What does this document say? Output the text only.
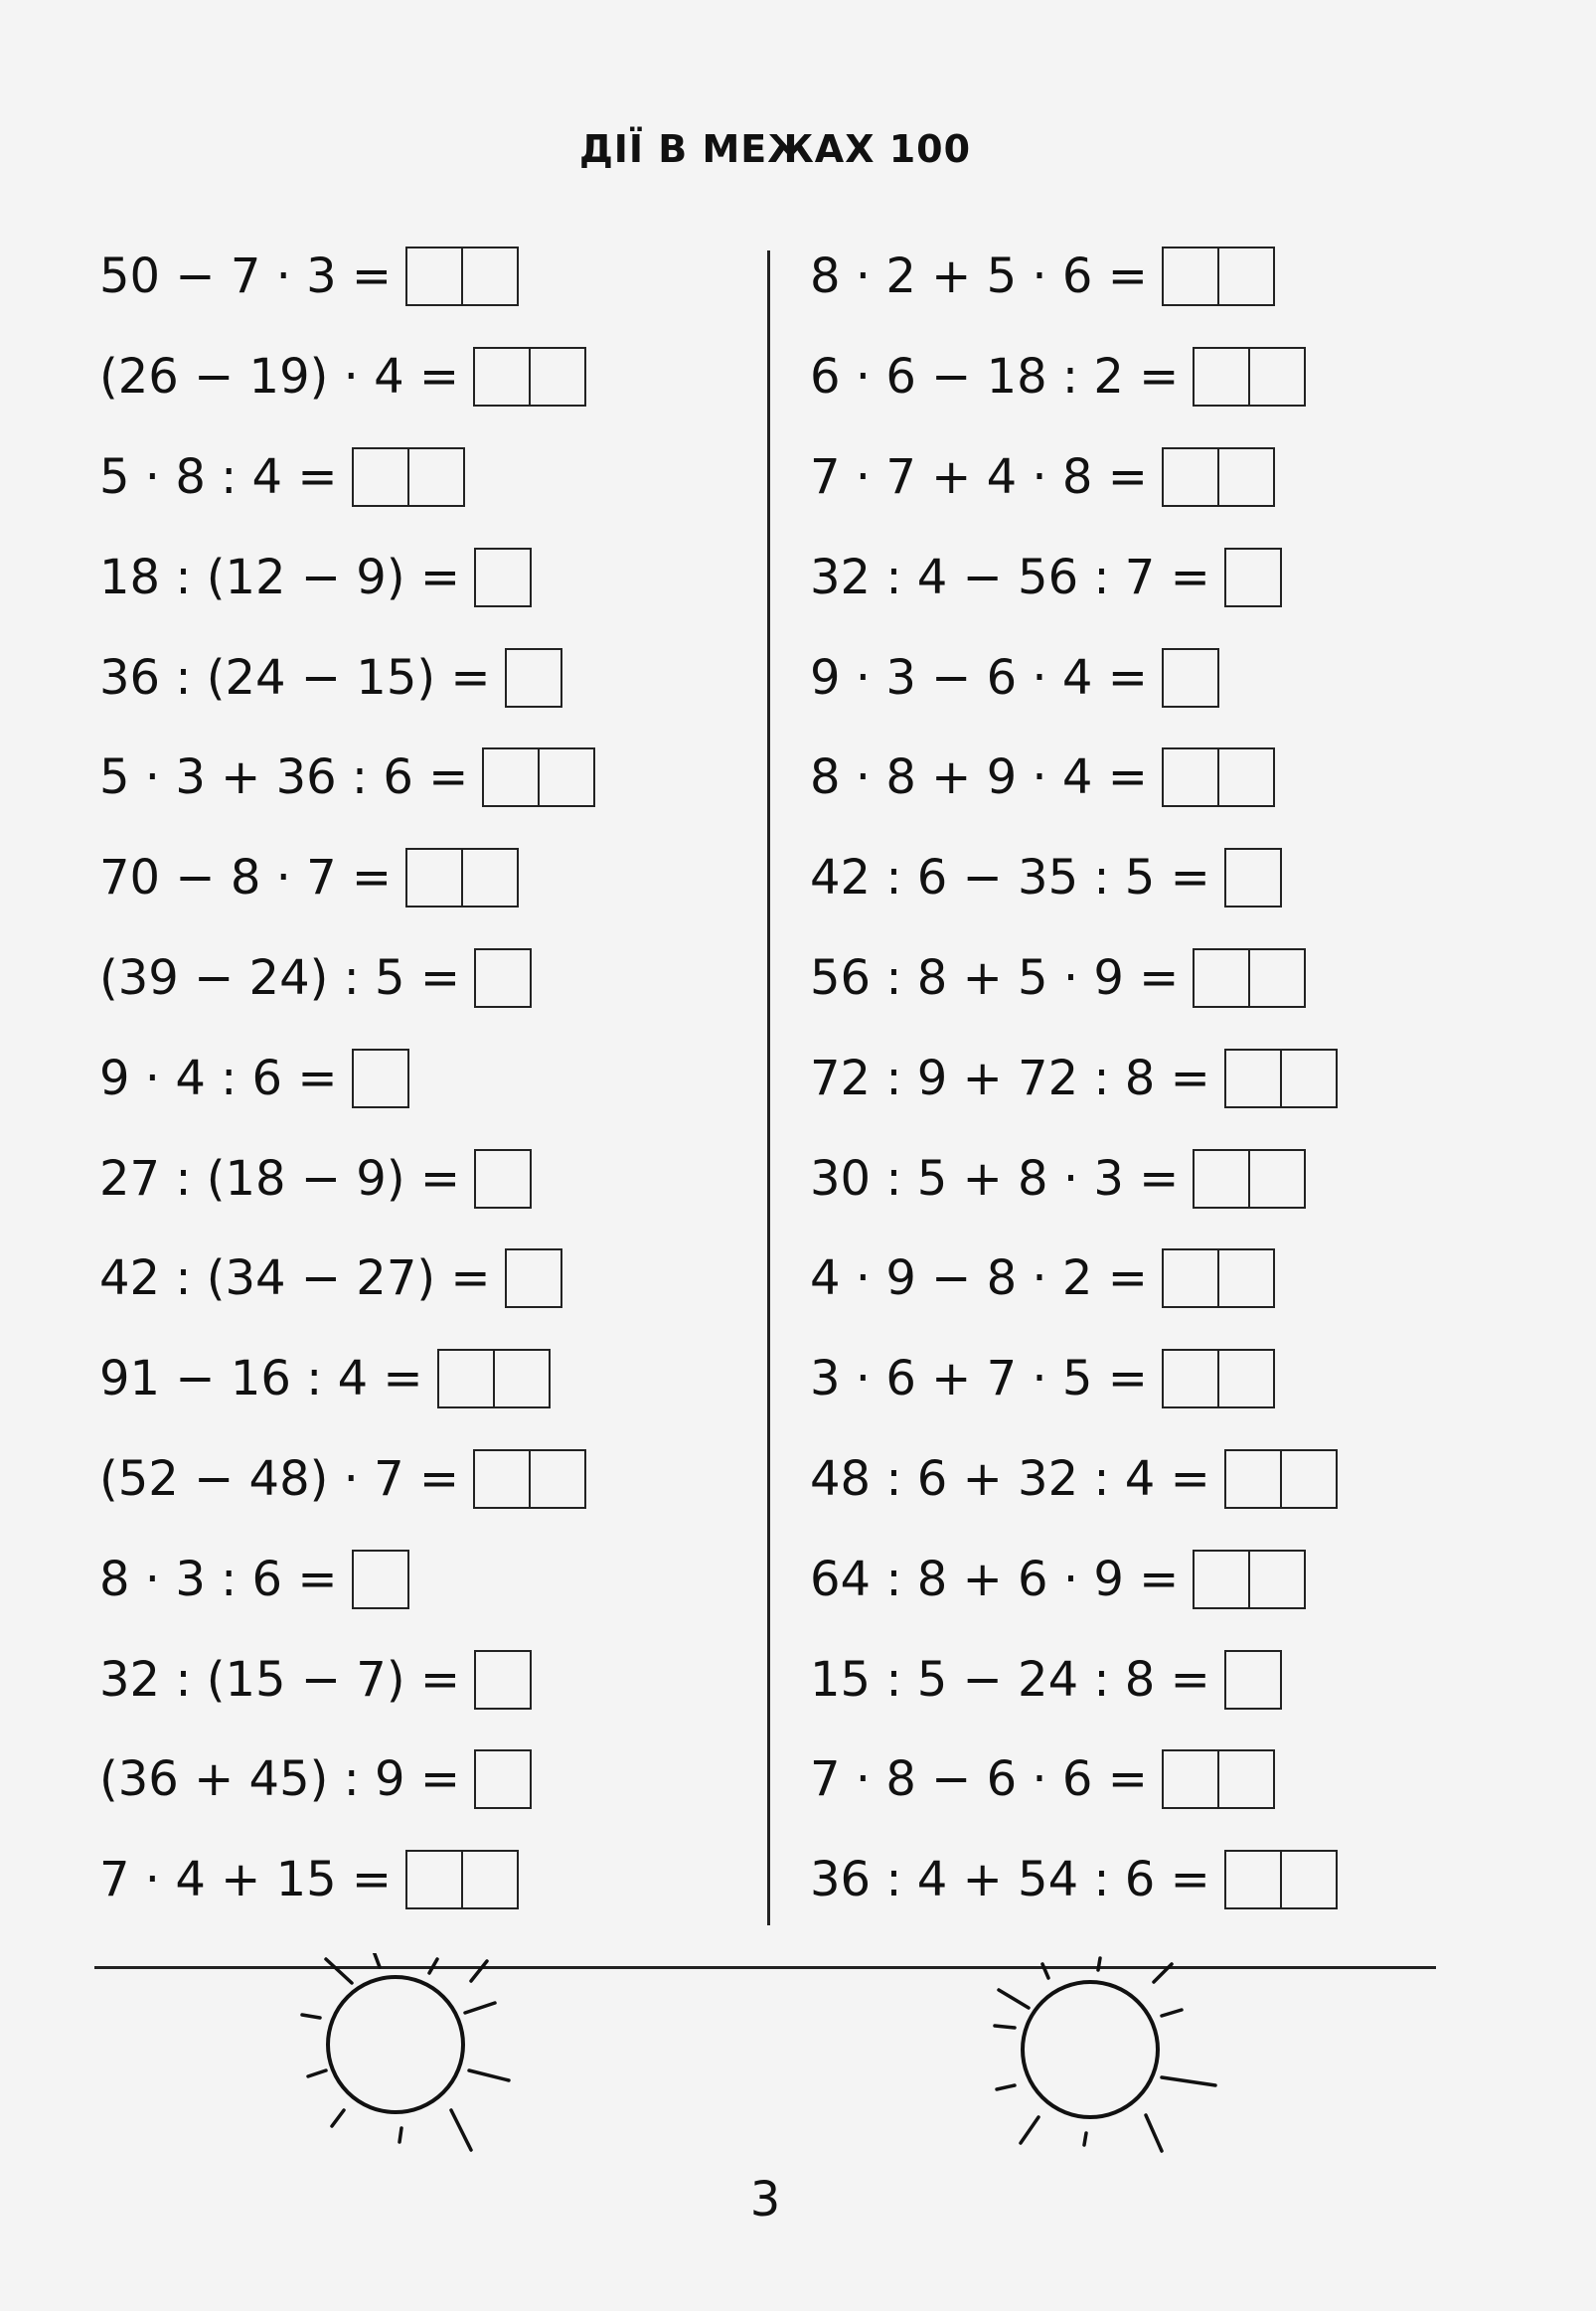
ДІЇ В МЕЖАХ 100
50 − 7 · 3 =
(26 − 19) · 4 =
5 · 8 : 4 =
18 : (12 − 9) =
36 : (24 − 15) =
5 · 3 + 36 : 6 =
70 − 8 · 7 =
(39 − 24) : 5 =
9 · 4 : 6 =
27 : (18 − 9) =
42 : (34 − 27) =
91 − 16 : 4 =
(52 − 48) · 7 =
8 · 3 : 6 =
32 : (15 − 7) =
(36 + 45) : 9 =
7 · 4 + 15 =
8 · 2 + 5 · 6 =
6 · 6 − 18 : 2 =
7 · 7 + 4 · 8 =
32 : 4 − 56 : 7 =
9 · 3 − 6 · 4 =
8 · 8 + 9 · 4 =
42 : 6 − 35 : 5 =
56 : 8 + 5 · 9 =
72 : 9 + 72 : 8 =
30 : 5 + 8 · 3 =
4 · 9 − 8 · 2 =
3 · 6 + 7 · 5 =
48 : 6 + 32 : 4 =
64 : 8 + 6 · 9 =
15 : 5 − 24 : 8 =
7 · 8 − 6 · 6 =
36 : 4 + 54 : 6 =
3
